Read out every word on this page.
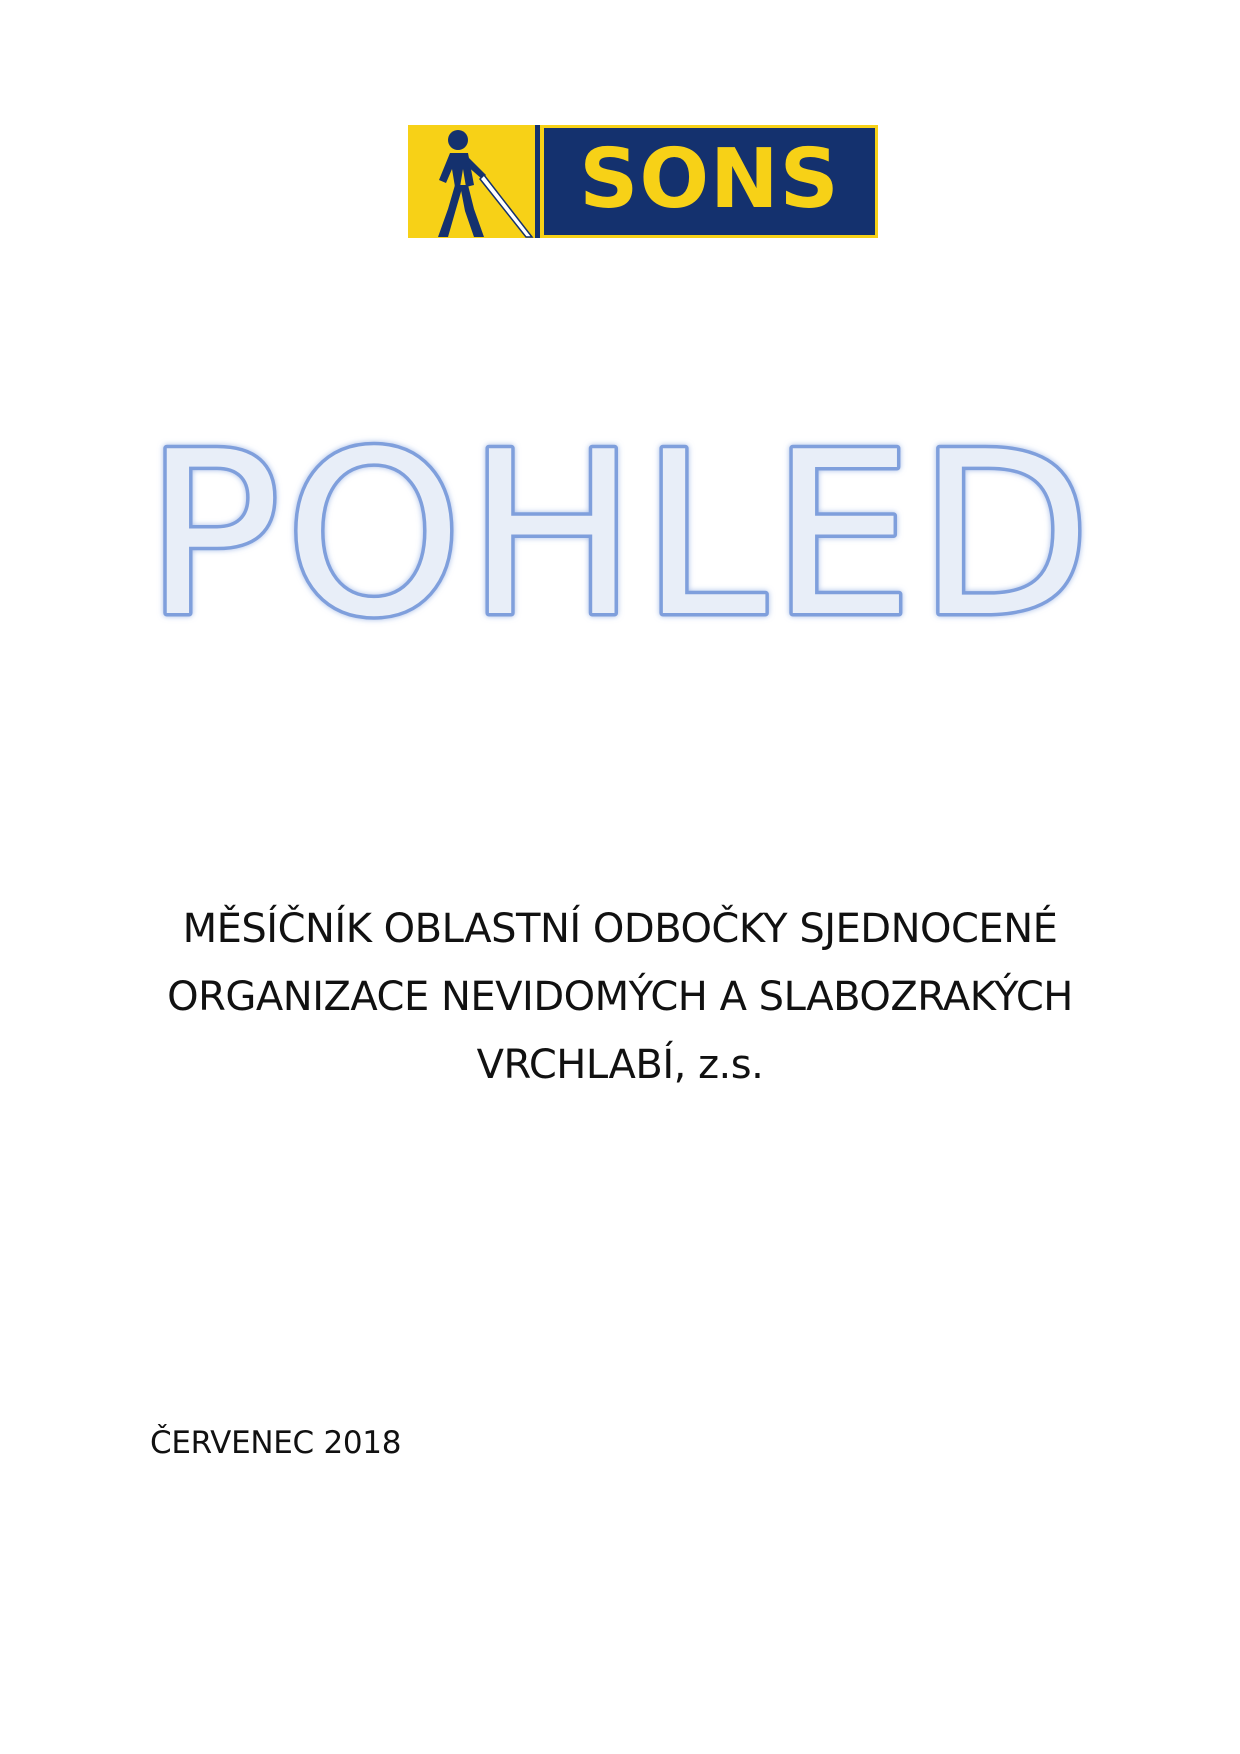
SONS
POHLED
MĚSÍČNÍK OBLASTNÍ ODBOČKY SJEDNOCENÉ
ORGANIZACE NEVIDOMÝCH A SLABOZRAKÝCH
VRCHLABÍ, z.s.
ČERVENEC 2018
